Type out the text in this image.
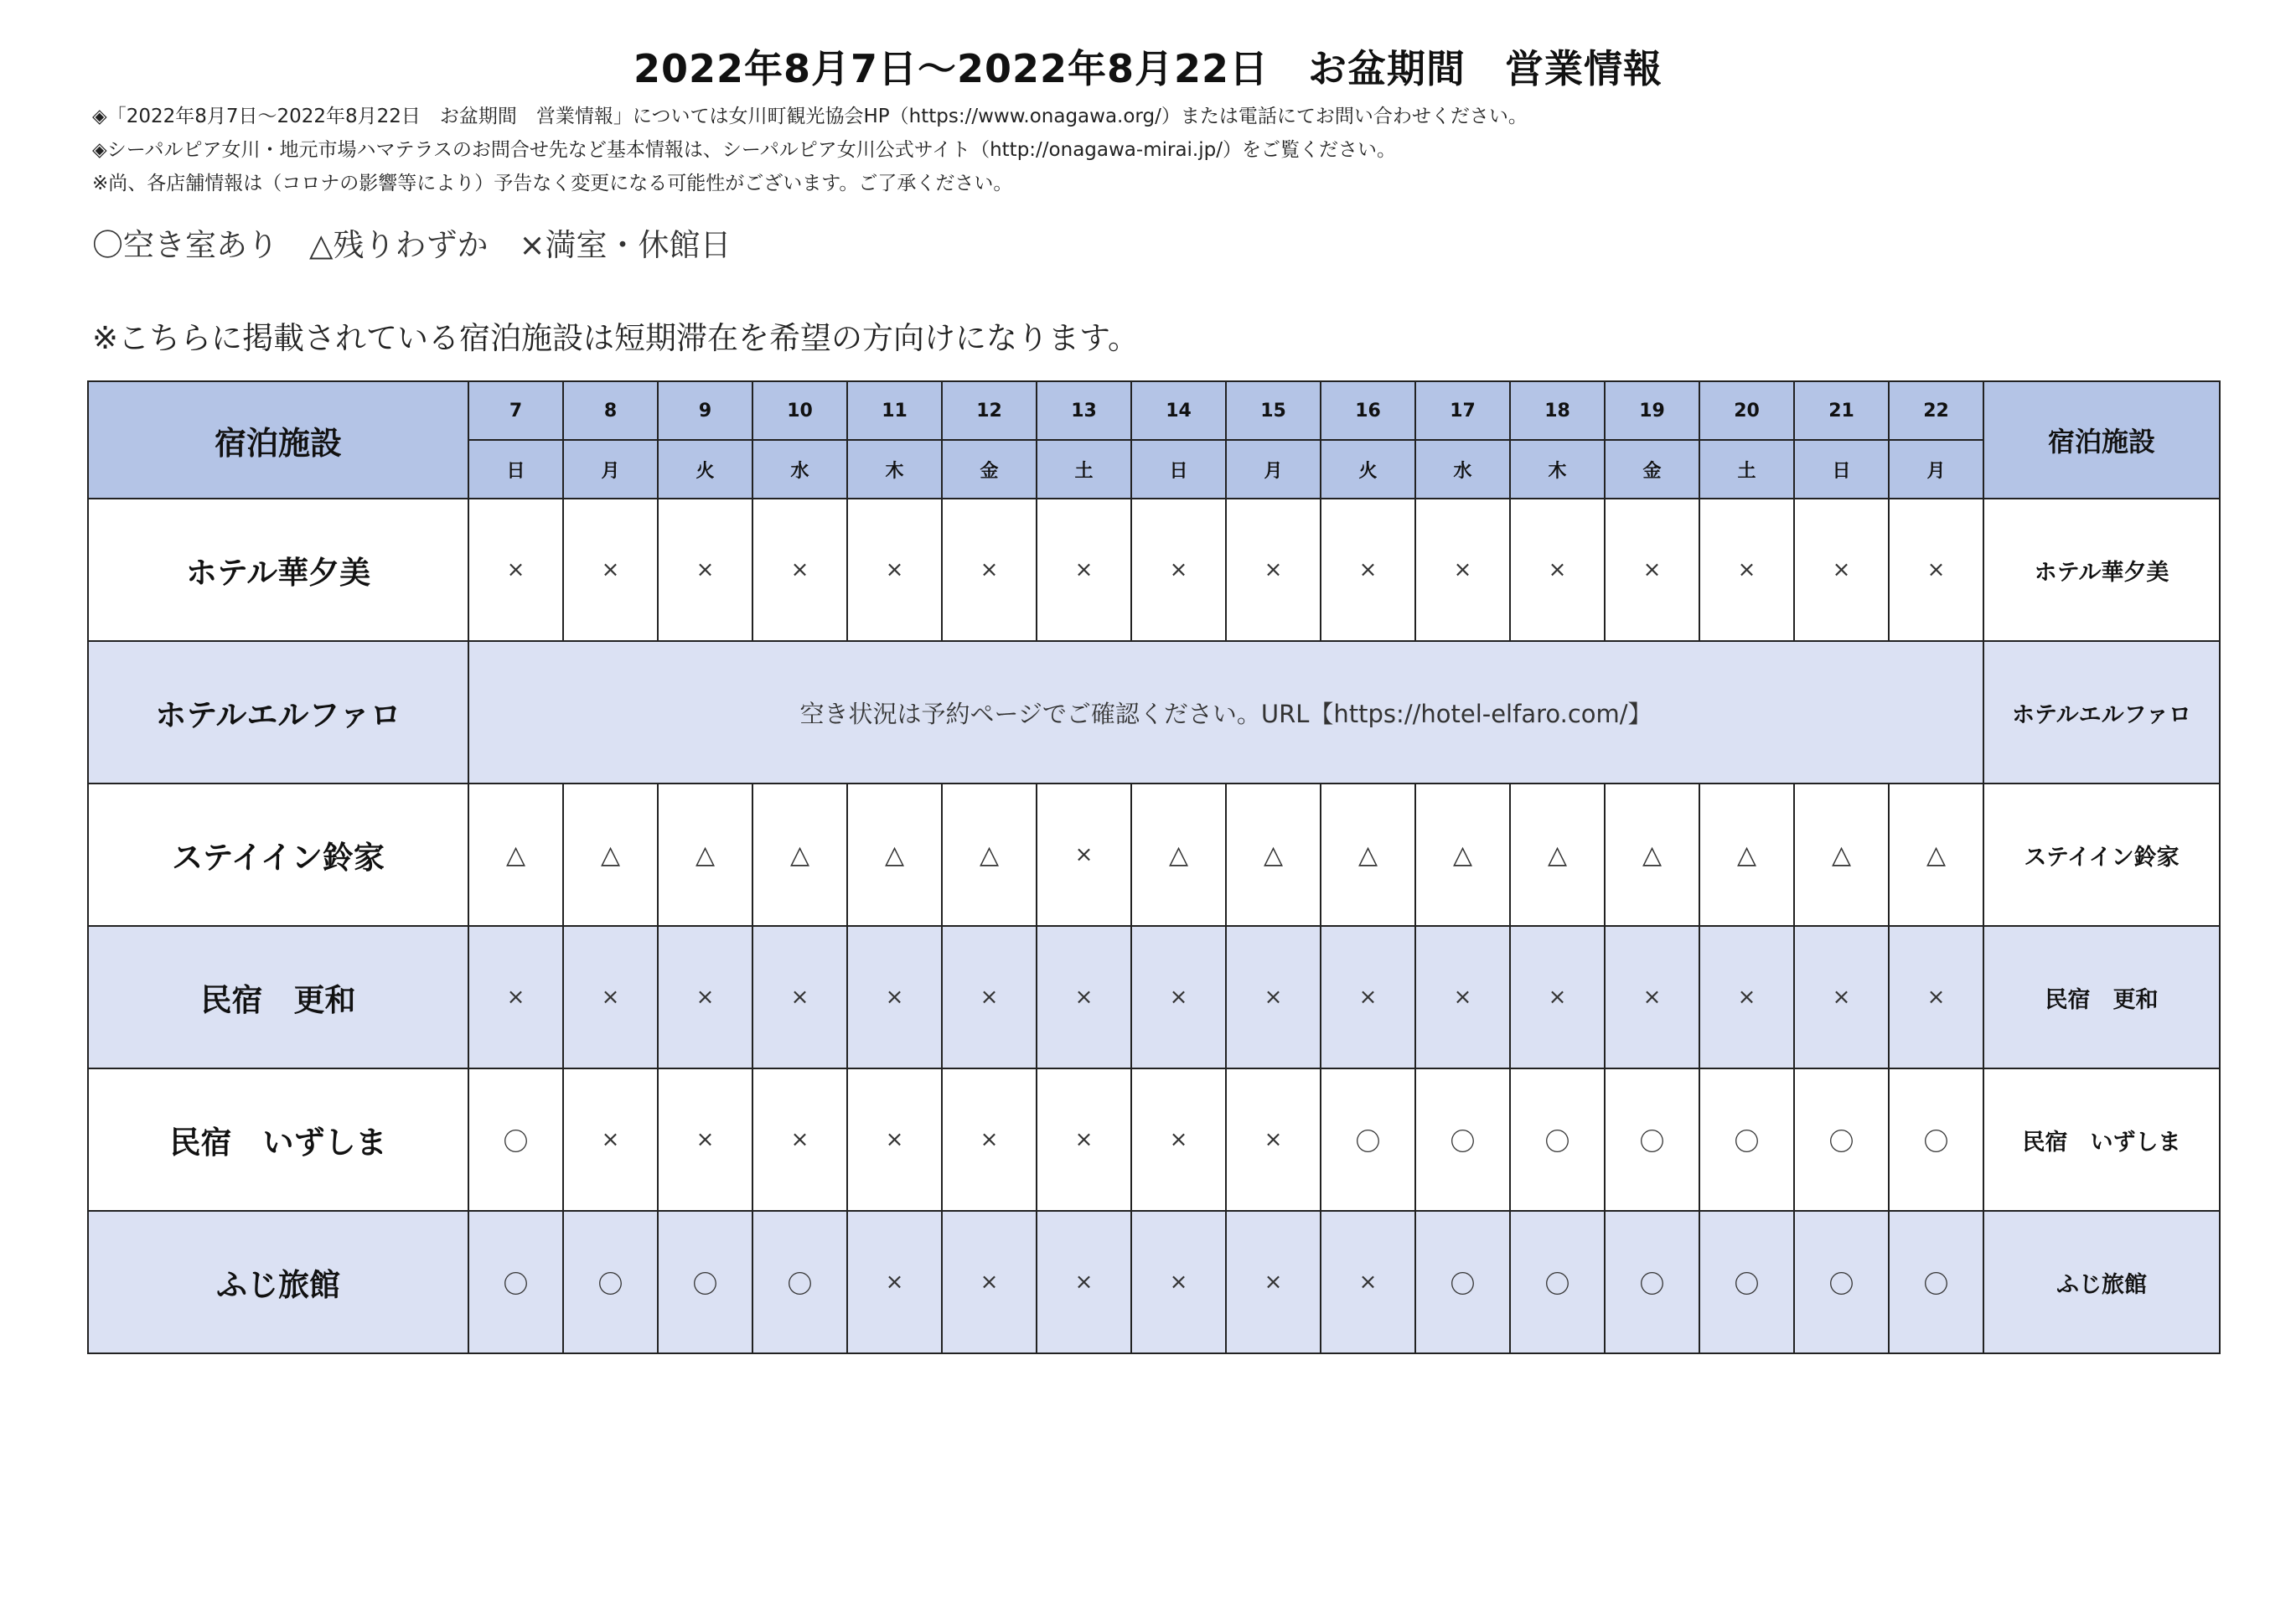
2022年8月7日～2022年8月22日　お盆期間　営業情報
◈「2022年8月7日～2022年8月22日　お盆期間　営業情報」については女川町観光協会HP（https://www.onagawa.org/）または電話にてお問い合わせください。
◈シーパルピア女川・地元市場ハマテラスのお問合せ先など基本情報は、シーパルピア女川公式サイト（http://onagawa-mirai.jp/）をご覧ください。
※尚、各店舗情報は（コロナの影響等により）予告なく変更になる可能性がございます。ご了承ください。
〇空き室あり　△残りわずか　×満室・休館日
※こちらに掲載されている宿泊施設は短期滞在を希望の方向けになります。
宿泊施設	7	8	9	10	11	12	13	14	15	16	17	18	19	20	21	22	宿泊施設
	日	月	火	水	木	金	土	日	月	火	水	木	金	土	日	月	
ホテル華夕美	×	×	×	×	×	×	×	×	×	×	×	×	×	×	×	×	ホテル華夕美
ホテルエルファロ	空き状況は予約ページでご確認ください。URL【https://hotel-elfaro.com/】																ホテルエルファロ
ステイイン鈴家	△	△	△	△	△	△	×	△	△	△	△	△	△	△	△	△	ステイイン鈴家
民宿　更和	×	×	×	×	×	×	×	×	×	×	×	×	×	×	×	×	民宿　更和
民宿　いずしま	〇	×	×	×	×	×	×	×	×	〇	〇	〇	〇	〇	〇	〇	民宿　いずしま
ふじ旅館	〇	〇	〇	〇	×	×	×	×	×	×	〇	〇	〇	〇	〇	〇	ふじ旅館
